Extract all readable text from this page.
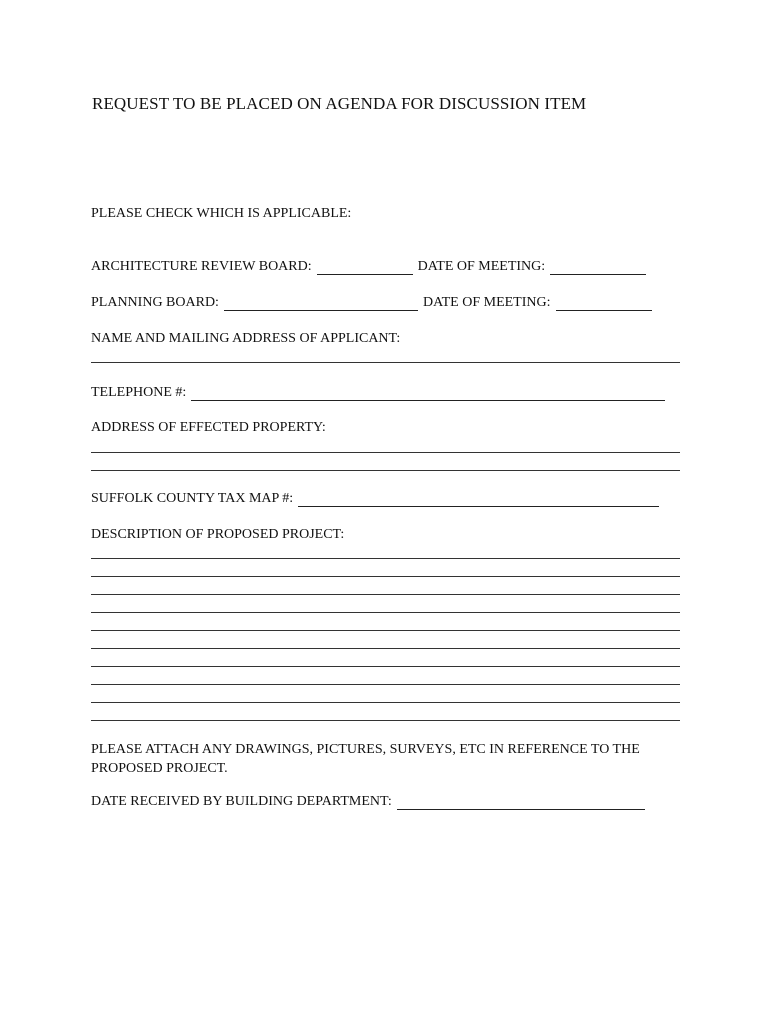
REQUEST TO BE PLACED ON AGENDA FOR DISCUSSION ITEM
PLEASE CHECK WHICH IS APPLICABLE:
ARCHITECTURE REVIEW BOARD:	DATE OF MEETING:
PLANNING BOARD:	DATE OF MEETING:
NAME AND MAILING ADDRESS OF APPLICANT:
TELEPHONE #:
ADDRESS OF EFFECTED PROPERTY:
SUFFOLK COUNTY TAX MAP #:
DESCRIPTION OF PROPOSED PROJECT:
PLEASE ATTACH ANY DRAWINGS, PICTURES, SURVEYS, ETC IN REFERENCE TO THE PROPOSED PROJECT.
DATE RECEIVED BY BUILDING DEPARTMENT:
